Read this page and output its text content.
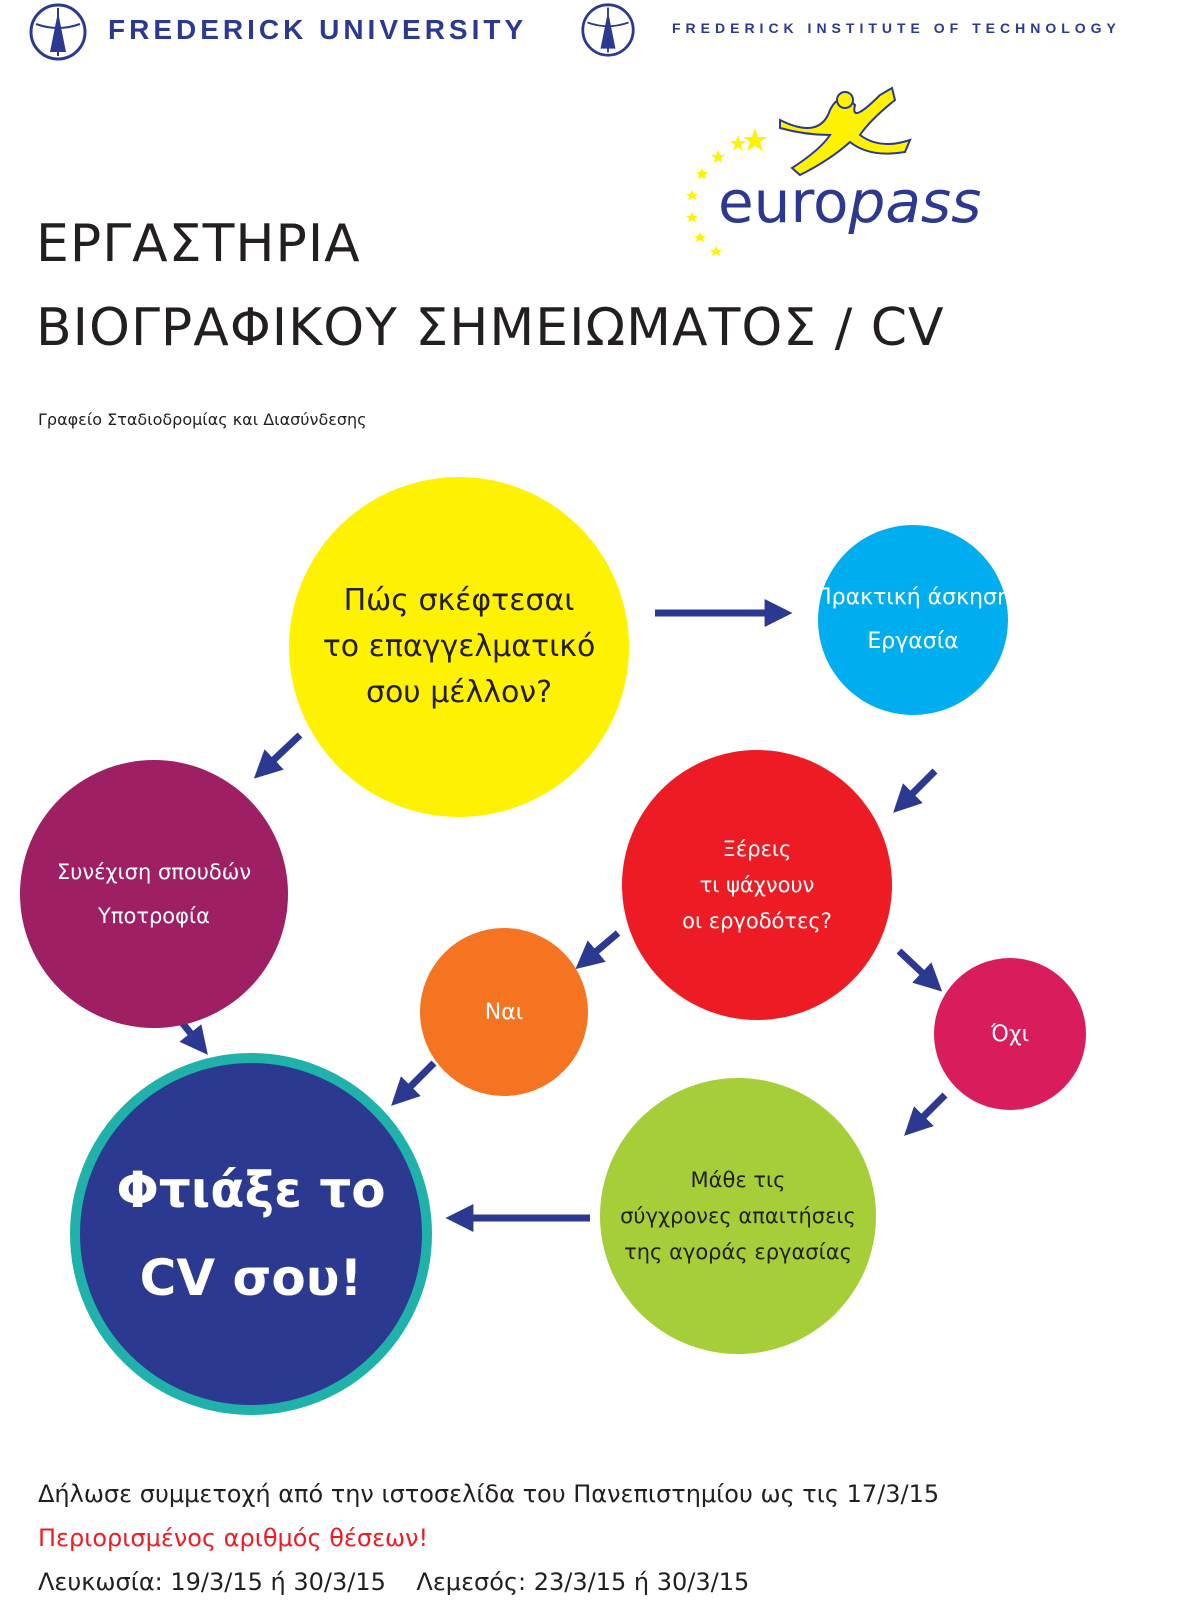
FREDERICK UNIVERSITY	FREDERICK INSTITUTE OF TECHNOLOGY
europass
ΕΡΓΑΣΤΗΡΙΑ
ΒΙΟΓΡΑΦΙΚΟΥ ΣΗΜΕΙΩΜΑΤΟΣ / CV
Γραφείο Σταδιοδρομίας και Διασύνδεσης
Πώς σκέφτεσαι
το επαγγελματικό
σου μέλλον?
Πρακτική άσκηση
Εργασία
Συνέχιση σπουδών
Υποτροφία
Ξέρεις
τι ψάχνουν
οι εργοδότες?
Ναι
Όχι
Μάθε τις
σύγχρονες απαιτήσεις
της αγοράς εργασίας
Φτιάξε το
CV σου!
Δήλωσε συμμετοχή από την ιστοσελίδα του Πανεπιστημίου ως τις 17/3/15
Περιορισμένος αριθμός θέσεων!
Λευκωσία: 19/3/15 ή 30/3/15    Λεμεσός: 23/3/15 ή 30/3/15
